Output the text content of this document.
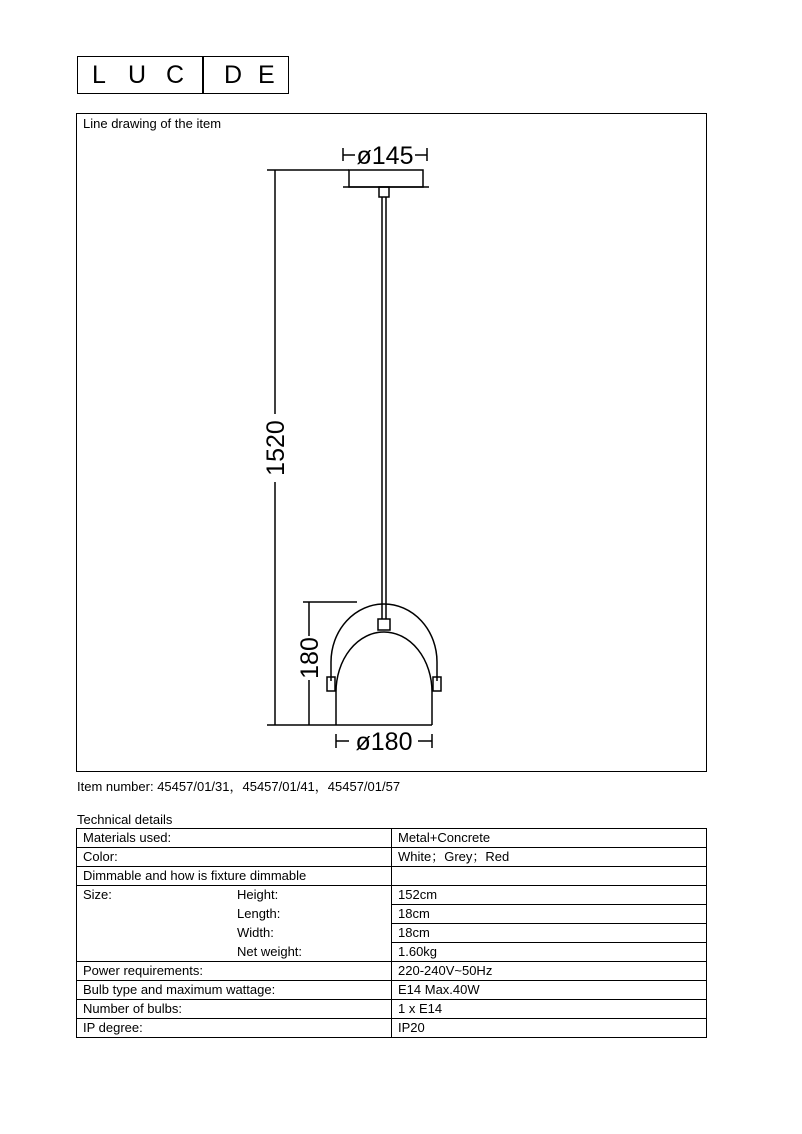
L U C D E
Line drawing of the item
ø145
1520
180
ø180
Item number: 45457/01/31，45457/01/41，45457/01/57
Technical details
Materials used:	Metal+Concrete
Color:	White；Grey；Red
Dimmable and how is fixture dimmable	
Size: Height:	152cm

Length:	18cm

Width:	18cm

Net weight:	1.60kg
Power requirements:	220-240V~50Hz
Bulb type and maximum wattage:	E14 Max.40W
Number of bulbs:	1 x E14
IP degree:	IP20
